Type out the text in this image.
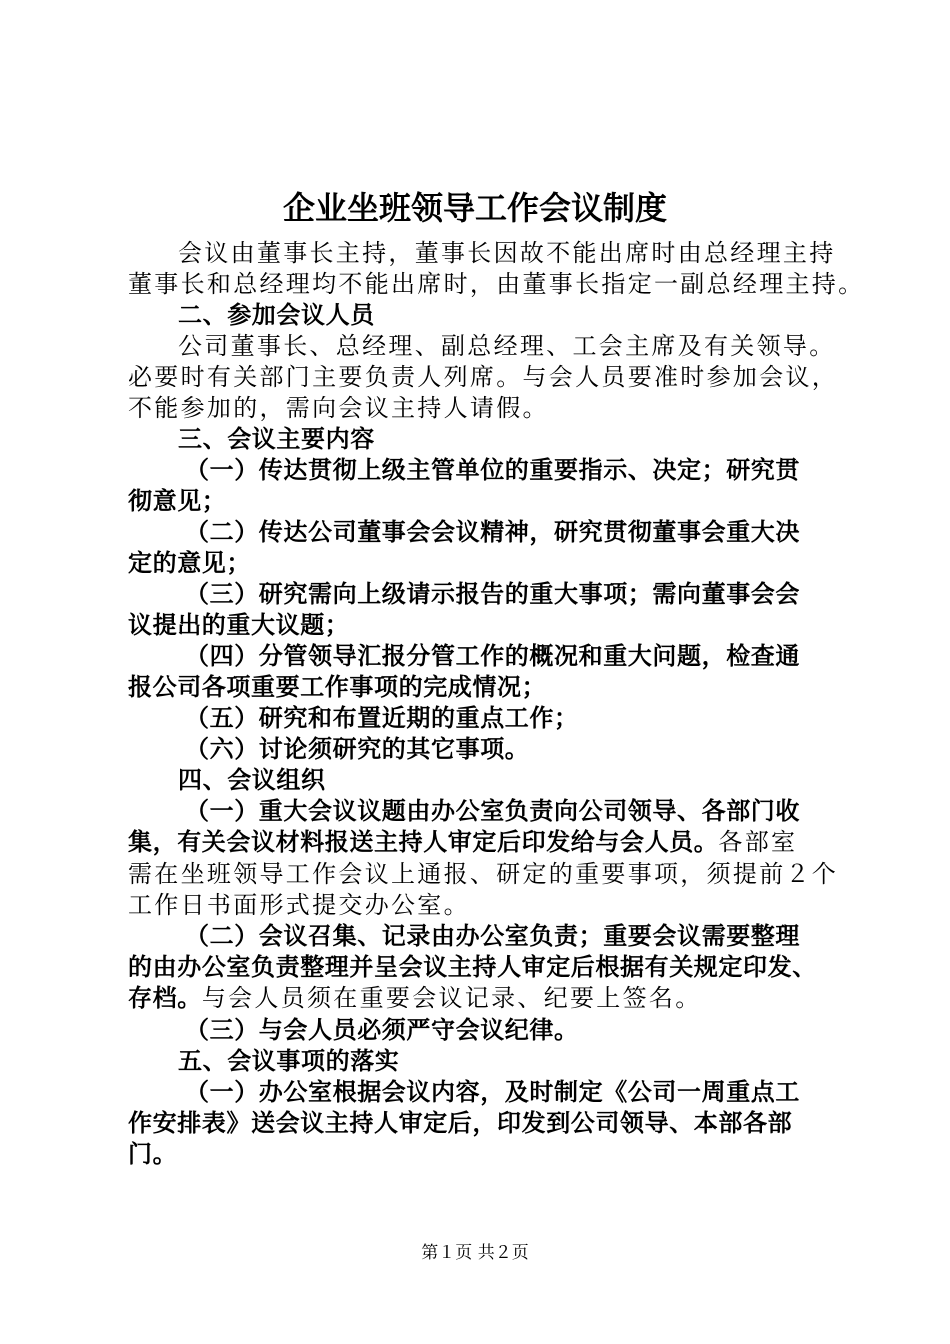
企业坐班领导工作会议制度

会议由董事长主持，董事长因故不能出席时由总经理主持

董事长和总经理均不能出席时，由董事长指定一副总经理主持。

二、参加会议人员

公司董事长、总经理、副总经理、工会主席及有关领导。

必要时有关部门主要负责人列席。与会人员要准时参加会议，

不能参加的，需向会议主持人请假。

三、会议主要内容

（一）传达贯彻上级主管单位的重要指示、决定；研究贯

彻意见；

（二）传达公司董事会会议精神，研究贯彻董事会重大决

定的意见；

（三）研究需向上级请示报告的重大事项；需向董事会会

议提出的重大议题；

（四）分管领导汇报分管工作的概况和重大问题，检查通

报公司各项重要工作事项的完成情况；

（五）研究和布置近期的重点工作；

（六）讨论须研究的其它事项。

四、会议组织

（一）重大会议议题由办公室负责向公司领导、各部门收

集，有关会议材料报送主持人审定后印发给与会人员。各部室

需在坐班领导工作会议上通报、研定的重要事项，须提前２个

工作日书面形式提交办公室。

（二）会议召集、记录由办公室负责；重要会议需要整理

的由办公室负责整理并呈会议主持人审定后根据有关规定印发、

存档。与会人员须在重要会议记录、纪要上签名。

（三）与会人员必须严守会议纪律。

五、会议事项的落实

（一）办公室根据会议内容，及时制定《公司一周重点工

作安排表》送会议主持人审定后，印发到公司领导、本部各部

门。

第１页 共２页
